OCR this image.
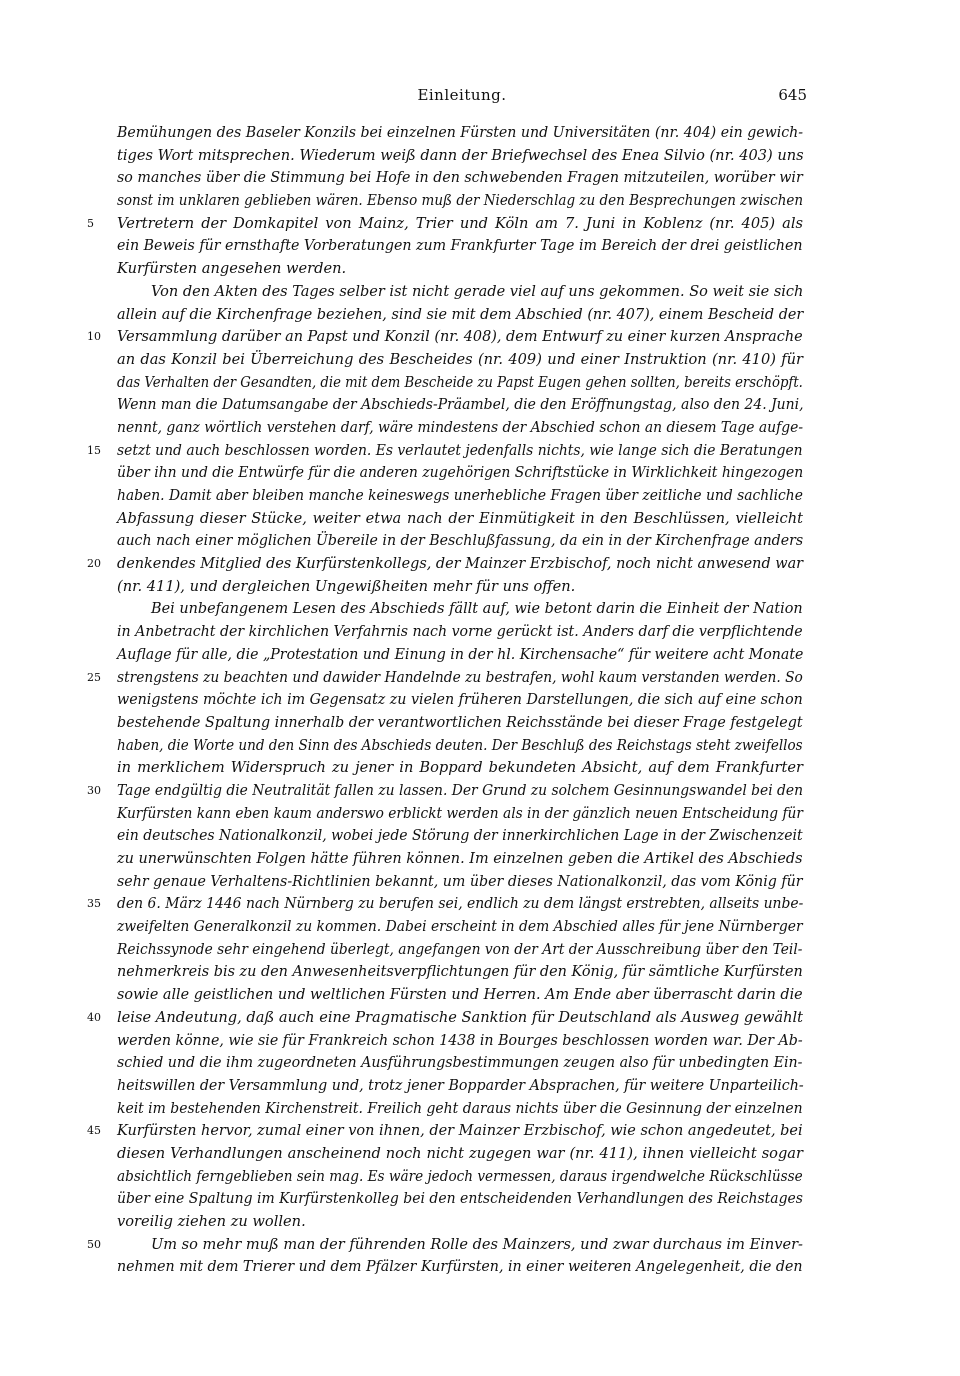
Einleitung.	645
Bemühungen des Baseler Konzils bei einzelnen Fürsten und Universitäten (nr. 404) ein gewich-
tiges Wort mitsprechen. Wiederum weiß dann der Briefwechsel des Enea Silvio (nr. 403) uns
so manches über die Stimmung bei Hofe in den schwebenden Fragen mitzuteilen, worüber wir
sonst im unklaren geblieben wären. Ebenso muß der Niederschlag zu den Besprechungen zwischen
5	Vertretern der Domkapitel von Mainz, Trier und Köln am 7. Juni in Koblenz (nr. 405) als
ein Beweis für ernsthafte Vorberatungen zum Frankfurter Tage im Bereich der drei geistlichen
Kurfürsten angesehen werden.
Von den Akten des Tages selber ist nicht gerade viel auf uns gekommen. So weit sie sich
allein auf die Kirchenfrage beziehen, sind sie mit dem Abschied (nr. 407), einem Bescheid der
10	Versammlung darüber an Papst und Konzil (nr. 408), dem Entwurf zu einer kurzen Ansprache
an das Konzil bei Überreichung des Bescheides (nr. 409) und einer Instruktion (nr. 410) für
das Verhalten der Gesandten, die mit dem Bescheide zu Papst Eugen gehen sollten, bereits erschöpft.
Wenn man die Datumsangabe der Abschieds-Präambel, die den Eröffnungstag, also den 24. Juni,
nennt, ganz wörtlich verstehen darf, wäre mindestens der Abschied schon an diesem Tage aufge-
15	setzt und auch beschlossen worden. Es verlautet jedenfalls nichts, wie lange sich die Beratungen
über ihn und die Entwürfe für die anderen zugehörigen Schriftstücke in Wirklichkeit hingezogen
haben. Damit aber bleiben manche keineswegs unerhebliche Fragen über zeitliche und sachliche
Abfassung dieser Stücke, weiter etwa nach der Einmütigkeit in den Beschlüssen, vielleicht
auch nach einer möglichen Übereile in der Beschlußfassung, da ein in der Kirchenfrage anders
20	denkendes Mitglied des Kurfürstenkollegs, der Mainzer Erzbischof, noch nicht anwesend war
(nr. 411), und dergleichen Ungewißheiten mehr für uns offen.
Bei unbefangenem Lesen des Abschieds fällt auf, wie betont darin die Einheit der Nation
in Anbetracht der kirchlichen Verfahrnis nach vorne gerückt ist. Anders darf die verpflichtende
Auflage für alle, die „Protestation und Einung in der hl. Kirchensache“ für weitere acht Monate
25	strengstens zu beachten und dawider Handelnde zu bestrafen, wohl kaum verstanden werden. So
wenigstens möchte ich im Gegensatz zu vielen früheren Darstellungen, die sich auf eine schon
bestehende Spaltung innerhalb der verantwortlichen Reichsstände bei dieser Frage festgelegt
haben, die Worte und den Sinn des Abschieds deuten. Der Beschluß des Reichstags steht zweifellos
in merklichem Widerspruch zu jener in Boppard bekundeten Absicht, auf dem Frankfurter
30	Tage endgültig die Neutralität fallen zu lassen. Der Grund zu solchem Gesinnungswandel bei den
Kurfürsten kann eben kaum anderswo erblickt werden als in der gänzlich neuen Entscheidung für
ein deutsches Nationalkonzil, wobei jede Störung der innerkirchlichen Lage in der Zwischenzeit
zu unerwünschten Folgen hätte führen können. Im einzelnen geben die Artikel des Abschieds
sehr genaue Verhaltens-Richtlinien bekannt, um über dieses Nationalkonzil, das vom König für
35	den 6. März 1446 nach Nürnberg zu berufen sei, endlich zu dem längst erstrebten, allseits unbe-
zweifelten Generalkonzil zu kommen. Dabei erscheint in dem Abschied alles für jene Nürnberger
Reichssynode sehr eingehend überlegt, angefangen von der Art der Ausschreibung über den Teil-
nehmerkreis bis zu den Anwesenheitsverpflichtungen für den König, für sämtliche Kurfürsten
sowie alle geistlichen und weltlichen Fürsten und Herren. Am Ende aber überrascht darin die
40	leise Andeutung, daß auch eine Pragmatische Sanktion für Deutschland als Ausweg gewählt
werden könne, wie sie für Frankreich schon 1438 in Bourges beschlossen worden war. Der Ab-
schied und die ihm zugeordneten Ausführungsbestimmungen zeugen also für unbedingten Ein-
heitswillen der Versammlung und, trotz jener Bopparder Absprachen, für weitere Unparteilich-
keit im bestehenden Kirchenstreit. Freilich geht daraus nichts über die Gesinnung der einzelnen
45	Kurfürsten hervor, zumal einer von ihnen, der Mainzer Erzbischof, wie schon angedeutet, bei
diesen Verhandlungen anscheinend noch nicht zugegen war (nr. 411), ihnen vielleicht sogar
absichtlich ferngeblieben sein mag. Es wäre jedoch vermessen, daraus irgendwelche Rückschlüsse
über eine Spaltung im Kurfürstenkolleg bei den entscheidenden Verhandlungen des Reichstages
voreilig ziehen zu wollen.
50	Um so mehr muß man der führenden Rolle des Mainzers, und zwar durchaus im Einver-
nehmen mit dem Trierer und dem Pfälzer Kurfürsten, in einer weiteren Angelegenheit, die den
